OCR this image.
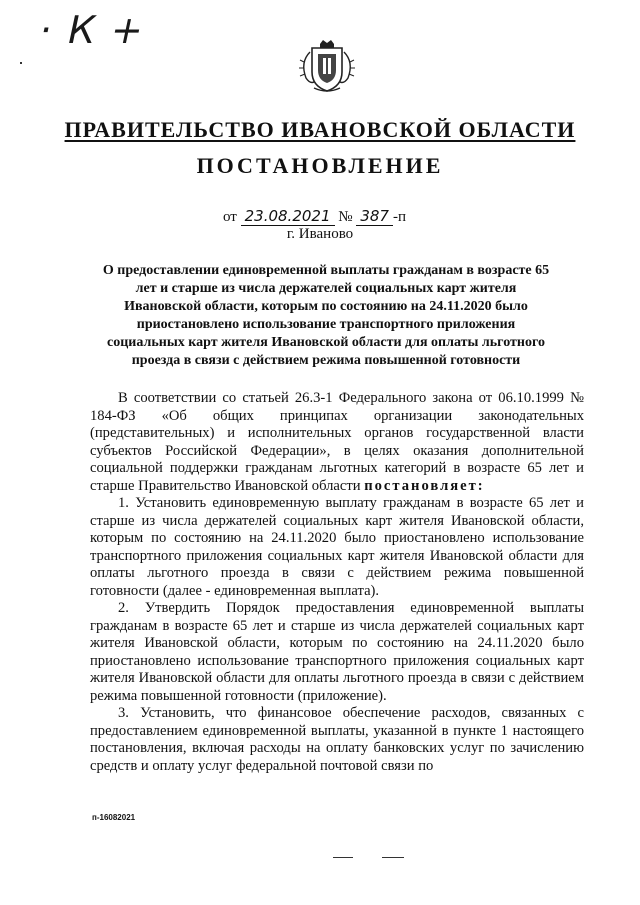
· К +
ПРАВИТЕЛЬСТВО ИВАНОВСКОЙ ОБЛАСТИ
ПОСТАНОВЛЕНИЕ
от 23.08.2021 № 387 -п
г. Иваново
О предоставлении единовременной выплаты гражданам в возрасте 65 лет и старше из числа держателей социальных карт жителя Ивановской области, которым по состоянию на 24.11.2020 было приостановлено использование транспортного приложения социальных карт жителя Ивановской области для оплаты льготного проезда в связи с действием режима повышенной готовности

В соответствии со статьей 26.3-1 Федерального закона от 06.10.1999 № 184-ФЗ «Об общих принципах организации законодательных (представительных) и исполнительных органов государственной власти субъектов Российской Федерации», в целях оказания дополнительной социальной поддержки гражданам льготных категорий в возрасте 65 лет и старше Правительство Ивановской области постановляет:

1. Установить единовременную выплату гражданам в возрасте 65 лет и старше из числа держателей социальных карт жителя Ивановской области, которым по состоянию на 24.11.2020 было приостановлено использование транспортного приложения социальных карт жителя Ивановской области для оплаты льготного проезда в связи с действием режима повышенной готовности (далее - единовременная выплата).

2. Утвердить Порядок предоставления единовременной выплаты гражданам в возрасте 65 лет и старше из числа держателей социальных карт жителя Ивановской области, которым по состоянию на 24.11.2020 было приостановлено использование транспортного приложения социальных карт жителя Ивановской области для оплаты льготного проезда в связи с действием режима повышенной готовности (приложение).

3. Установить, что финансовое обеспечение расходов, связанных с предоставлением единовременной выплаты, указанной в пункте 1 настоящего постановления, включая расходы на оплату банковских услуг по зачислению средств и оплату услуг федеральной почтовой связи по

п-16082021
